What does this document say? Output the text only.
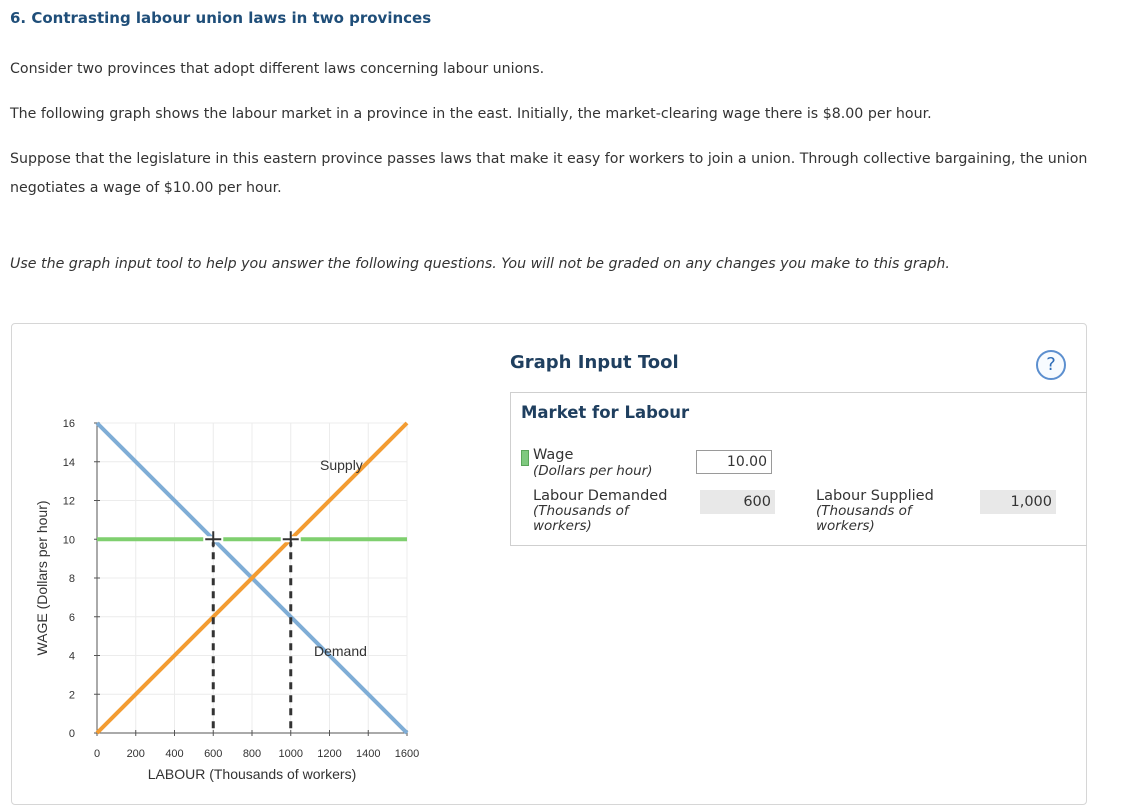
6. Contrasting labour union laws in two provinces

Consider two provinces that adopt different laws concerning labour unions.

The following graph shows the labour market in a province in the east. Initially, the market-clearing wage there is $8.00 per hour.

Suppose that the legislature in this eastern province passes laws that make it easy for workers to join a union. Through collective bargaining, the union negotiates a wage of $10.00 per hour.

Use the graph input tool to help you answer the following questions. You will not be graded on any changes you make to this graph.

0 200 400 600 800 1000 1200 1400 1600
0
2
4
6
8
10
12
14
16
LABOUR (Thousands of workers)
WAGE (Dollars per hour)
Supply
Demand
Graph Input Tool	?
Market for Labour
Wage
(Dollars per hour)
10.00
Labour Demanded
(Thousands of workers)
600	Labour Supplied
(Thousands of workers)
1,000
